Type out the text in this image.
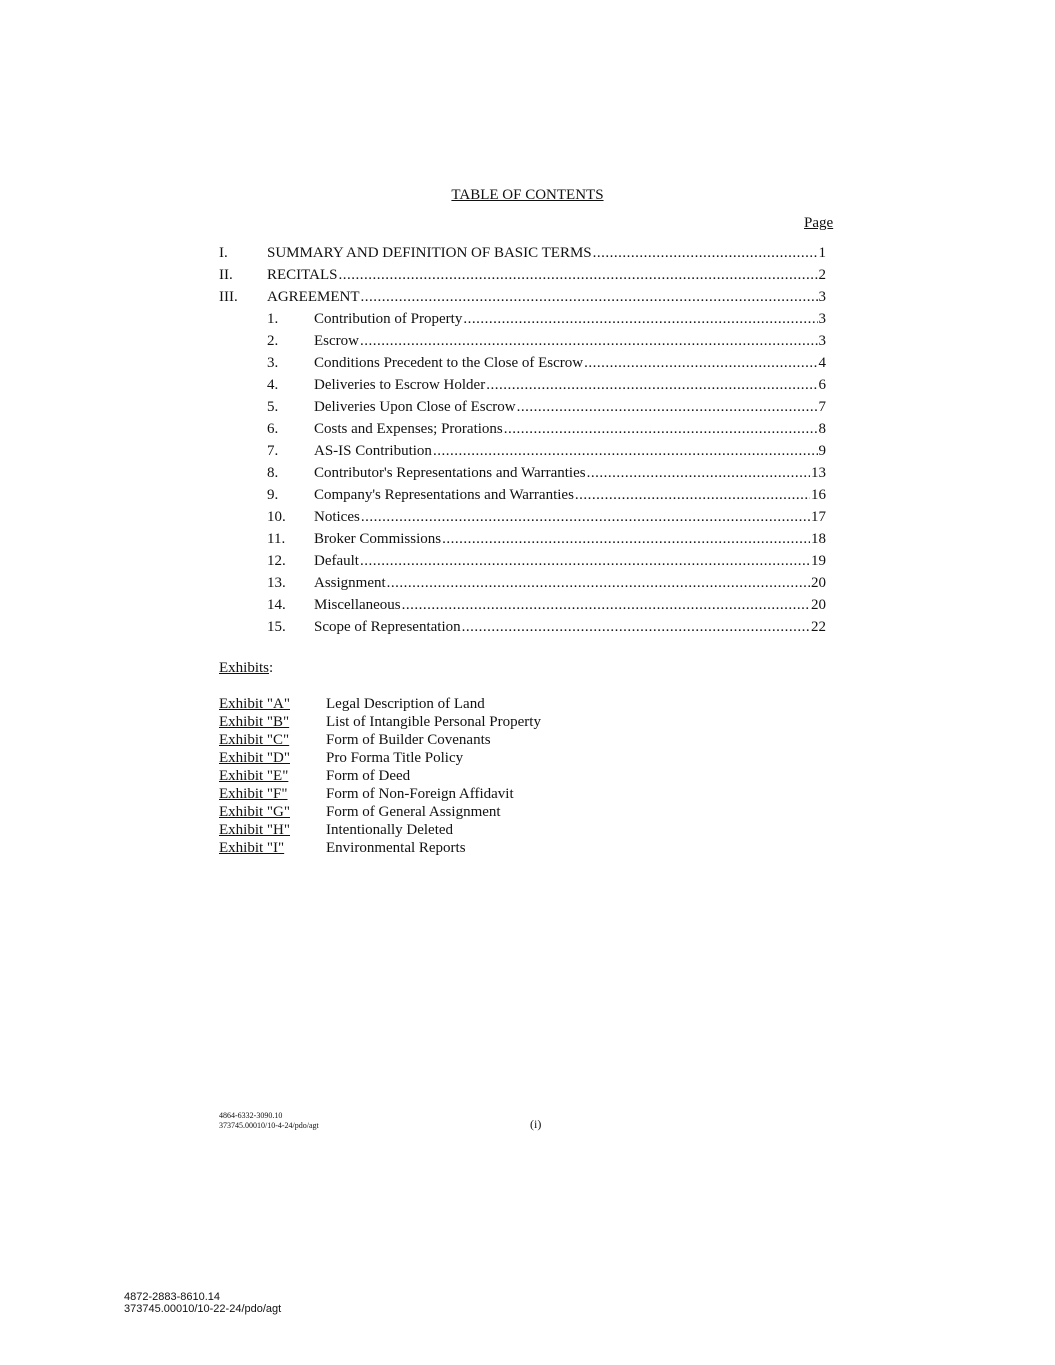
TABLE OF CONTENTS
Page
I.	SUMMARY AND DEFINITION OF BASIC TERMS .....	1
II. RECITALS .....	2
III. AGREEMENT .....	3
1. Contribution of Property .....	3
2. Escrow .....	3
3. Conditions Precedent to the Close of Escrow .....	4
4. Deliveries to Escrow Holder .....	6
5. Deliveries Upon Close of Escrow .....	7
6. Costs and Expenses; Prorations .....	8
7. AS-IS Contribution .....	9
8. Contributor's Representations and Warranties .....	13
9. Company's Representations and Warranties .....	16
10. Notices .....	17
11. Broker Commissions .....	18
12. Default .....	19
13. Assignment .....	20
14. Miscellaneous .....	20
15. Scope of Representation .....	22
Exhibits:
Exhibit "A" Legal Description of Land
Exhibit "B" List of Intangible Personal Property
Exhibit "C" Form of Builder Covenants
Exhibit "D" Pro Forma Title Policy
Exhibit "E"	Form of Deed
Exhibit "F"	Form of Non-Foreign Affidavit
Exhibit "G" Form of General Assignment
Exhibit "H" Intentionally Deleted
Exhibit "I"	Environmental Reports
4864-6332-3090.10
373745.00010/10-4-24/pdo/agt	(i)
4872-2883-8610.14
373745.00010/10-22-24/pdo/agt
